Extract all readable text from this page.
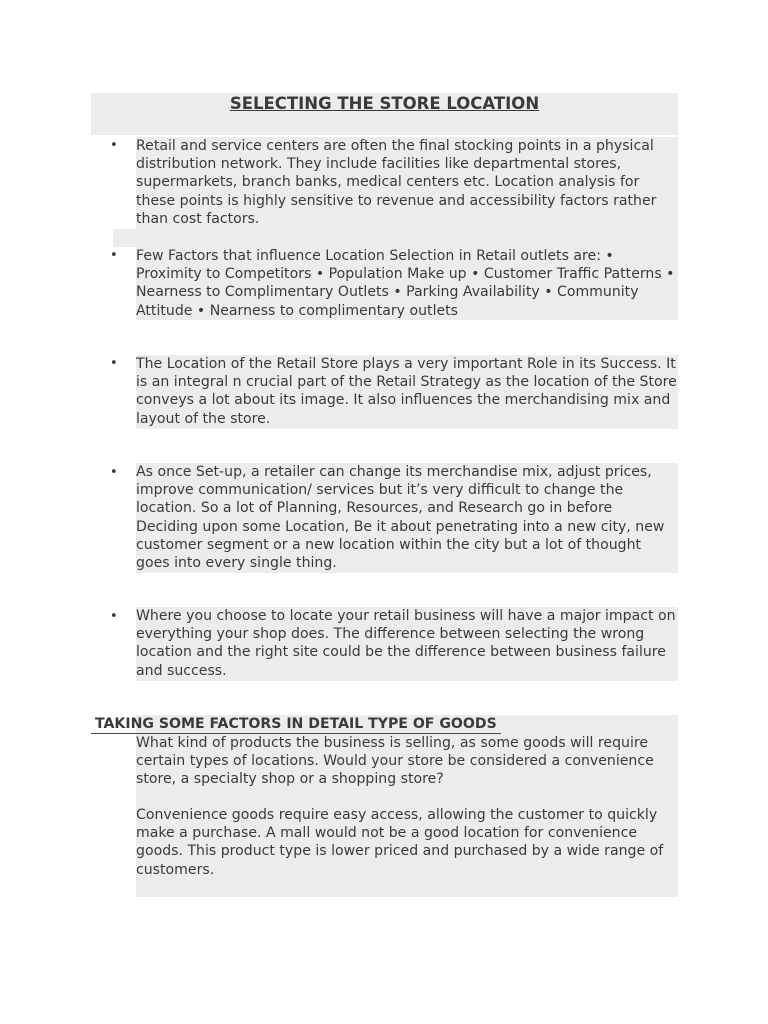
SELECTING THE STORE LOCATION
•	Retail and service centers are often the final stocking points in a physical distribution network. They include facilities like departmental stores, supermarkets, branch banks, medical centers etc. Location analysis for these points is highly sensitive to revenue and accessibility factors rather than cost factors.

•	Few Factors that influence Location Selection in Retail outlets are: • Proximity to Competitors • Population Make up • Customer Traffic Patterns • Nearness to Complimentary Outlets • Parking Availability • Community Attitude • Nearness to complimentary outlets

•	The Location of the Retail Store plays a very important Role in its Success. It is an integral n crucial part of the Retail Strategy as the location of the Store conveys a lot about its image. It also influences the merchandising mix and layout of the store.

•	As once Set-up, a retailer can change its merchandise mix, adjust prices, improve communication/ services but it’s very difficult to change the location. So a lot of Planning, Resources, and Research go in before Deciding upon some Location, Be it about penetrating into a new city, new customer segment or a new location within the city but a lot of thought goes into every single thing.

•	Where you choose to locate your retail business will have a major impact on everything your shop does. The difference between selecting the wrong location and the right site could be the difference between business failure and success.

TAKING SOME FACTORS IN DETAIL TYPE OF GOODS

What kind of products the business is selling, as some goods will require certain types of locations. Would your store be considered a convenience store, a specialty shop or a shopping store?

Convenience goods require easy access, allowing the customer to quickly make a purchase. A mall would not be a good location for convenience goods. This product type is lower priced and purchased by a wide range of customers.
